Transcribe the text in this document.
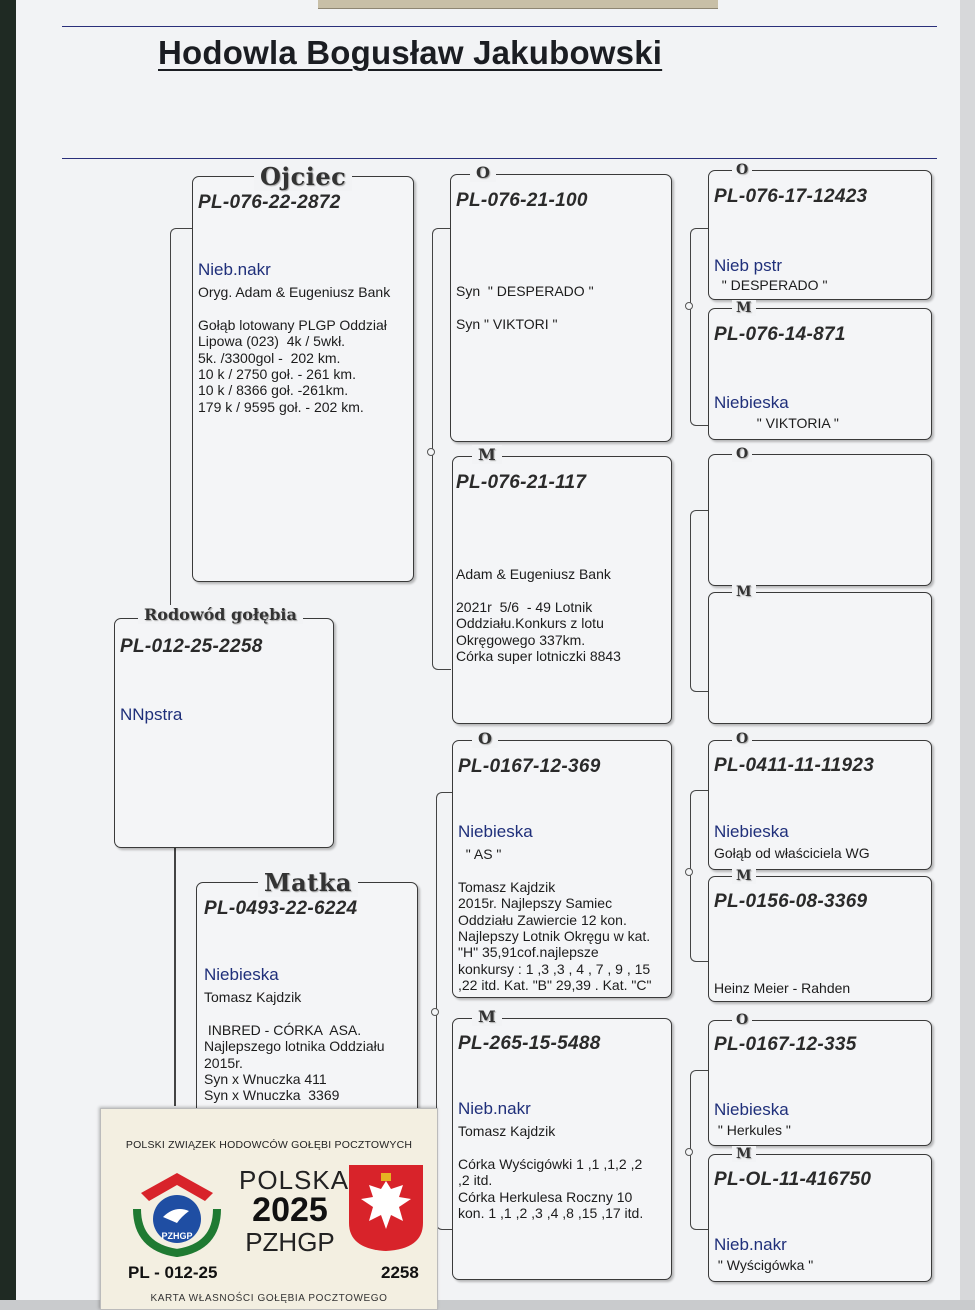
Hodowla Bogusław Jakubowski
Rodowód gołębia
PL-012-25-2258
NNpstra
Ojciec
PL-076-22-2872
Nieb.nakr
Oryg. Adam & Eugeniusz Bank

Gołąb lotowany PLGP Oddział
Lipowa (023)  4k / 5wkł.
5k. /3300gol -  202 km.
10 k / 2750 goł. - 261 km.
10 k / 8366 goł. -261km.
179 k / 9595 goł. - 202 km.
Matka
PL-0493-22-6224
Niebieska
Tomasz Kajdzik

INBRED - CÓRKA  ASA.
Najlepszego lotnika Oddziału
2015r.
Syn x Wnuczka 411
Syn x Wnuczka  3369
O
PL-076-21-100
Syn  " DESPERADO "

Syn " VIKTORI "
M
PL-076-21-117
Adam & Eugeniusz Bank

2021r  5/6  - 49 Lotnik
Oddziału.Konkurs z lotu
Okręgowego 337km.
Córka super lotniczki 8843
O
PL-0167-12-369
Niebieska
" AS "

Tomasz Kajdzik
2015r. Najlepszy Samiec
Oddziału Zawiercie 12 kon.
Najlepszy Lotnik Okręgu w kat.
"H" 35,91cof.najlepsze
konkursy : 1 ,3 ,3 , 4 , 7 , 9 , 15
,22 itd. Kat. "B" 29,39 . Kat. "C"
M
PL-265-15-5488
Nieb.nakr
Tomasz Kajdzik

Córka Wyścigówki 1 ,1 ,1,2 ,2
,2 itd.
Córka Herkulesa Roczny 10
kon. 1 ,1 ,2 ,3 ,4 ,8 ,15 ,17 itd.
O
PL-076-17-12423
Nieb pstr
" DESPERADO "
M
PL-076-14-871
Niebieska
" VIKTORIA "
O
M
O
PL-0411-11-11923
Niebieska
Gołąb od właściciela WG
M
PL-0156-08-3369
Heinz Meier - Rahden
O
PL-0167-12-335
Niebieska
" Herkules "
M
PL-OL-11-416750
Nieb.nakr
" Wyścigówka "
POLSKI ZWIĄZEK HODOWCÓW GOŁĘBI POCZTOWYCH
PZHGP
POLSKA
2025
PZHGP
PL - 012-25	2258
KARTA WŁASNOŚCI GOŁĘBIA POCZTOWEGO
